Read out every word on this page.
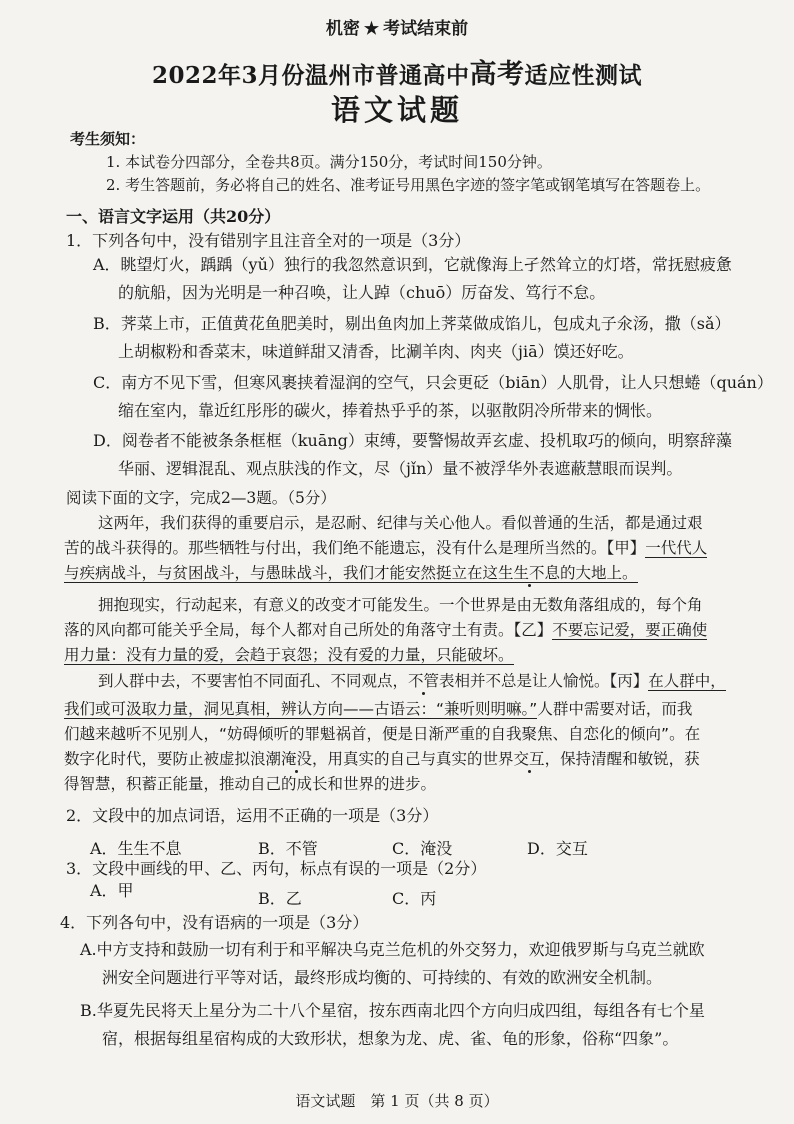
机密 ★ 考试结束前
2022年3月份温州市普通高中高考适应性测试
语文试题
考生须知：
1. 本试卷分四部分，全卷共8页。满分150分，考试时间150分钟。
2. 考生答题前，务必将自己的姓名、准考证号用黑色字迹的签字笔或钢笔填写在答题卷上。
一、语言文字运用（共20分）
1．下列各句中，没有错别字且注音全对的一项是（3分）
A．眺望灯火，踽踽（yǔ）独行的我忽然意识到，它就像海上孑然耸立的灯塔，常抚慰疲惫
的航船，因为光明是一种召唤，让人踔（chuō）厉奋发、笃行不怠。
B．荠菜上市，正值黄花鱼肥美时，剔出鱼肉加上荠菜做成馅儿，包成丸子氽汤，撒（sǎ）
上胡椒粉和香菜末，味道鲜甜又清香，比涮羊肉、肉夹（jiā）馍还好吃。
C．南方不见下雪，但寒风裹挟着湿润的空气，只会更砭（biān）人肌骨，让人只想蜷（quán）
缩在室内，靠近红彤彤的碳火，捧着热乎乎的茶，以驱散阴冷所带来的惆怅。
D．阅卷者不能被条条框框（kuāng）束缚，要警惕故弄玄虚、投机取巧的倾向，明察辞藻
华丽、逻辑混乱、观点肤浅的作文，尽（jǐn）量不被浮华外表遮蔽慧眼而误判。
阅读下面的文字，完成2—3题。（5分）
这两年，我们获得的重要启示，是忍耐、纪律与关心他人。看似普通的生活，都是通过艰
苦的战斗获得的。那些牺牲与付出，我们绝不能遗忘，没有什么是理所当然的。【甲】一代代人
与疾病战斗，与贫困战斗，与愚昧战斗，我们才能安然挺立在这生生不息的大地上。
拥抱现实，行动起来，有意义的改变才可能发生。一个世界是由无数角落组成的，每个角
落的风向都可能关乎全局，每个人都对自己所处的角落守土有责。【乙】不要忘记爱，要正确使
用力量：没有力量的爱，会趋于哀怨；没有爱的力量，只能破坏。
到人群中去，不要害怕不同面孔、不同观点，不管表相并不总是让人愉悦。【丙】在人群中，
我们或可汲取力量，洞见真相，辨认方向——古语云：“兼听则明嘛。”人群中需要对话，而我
们越来越听不见别人，“妨碍倾听的罪魁祸首，便是日渐严重的自我聚焦、自恋化的倾向”。在
数字化时代，要防止被虚拟浪潮淹没，用真实的自己与真实的世界交互，保持清醒和敏锐，获
得智慧，积蓄正能量，推动自己的成长和世界的进步。
2．文段中的加点词语，运用不正确的一项是（3分）
A．生生不息	B．不管	C．淹没	D．交互
3．文段中画线的甲、乙、丙句，标点有误的一项是（2分）
A．甲	B．乙	C．丙
4．下列各句中，没有语病的一项是（3分）
A.中方支持和鼓励一切有利于和平解决乌克兰危机的外交努力，欢迎俄罗斯与乌克兰就欧
洲安全问题进行平等对话，最终形成均衡的、可持续的、有效的欧洲安全机制。
B.华夏先民将天上星分为二十八个星宿，按东西南北四个方向归成四组，每组各有七个星
宿，根据每组星宿构成的大致形状，想象为龙、虎、雀、龟的形象，俗称“四象”。
语文试题　第 1 页（共 8 页）
